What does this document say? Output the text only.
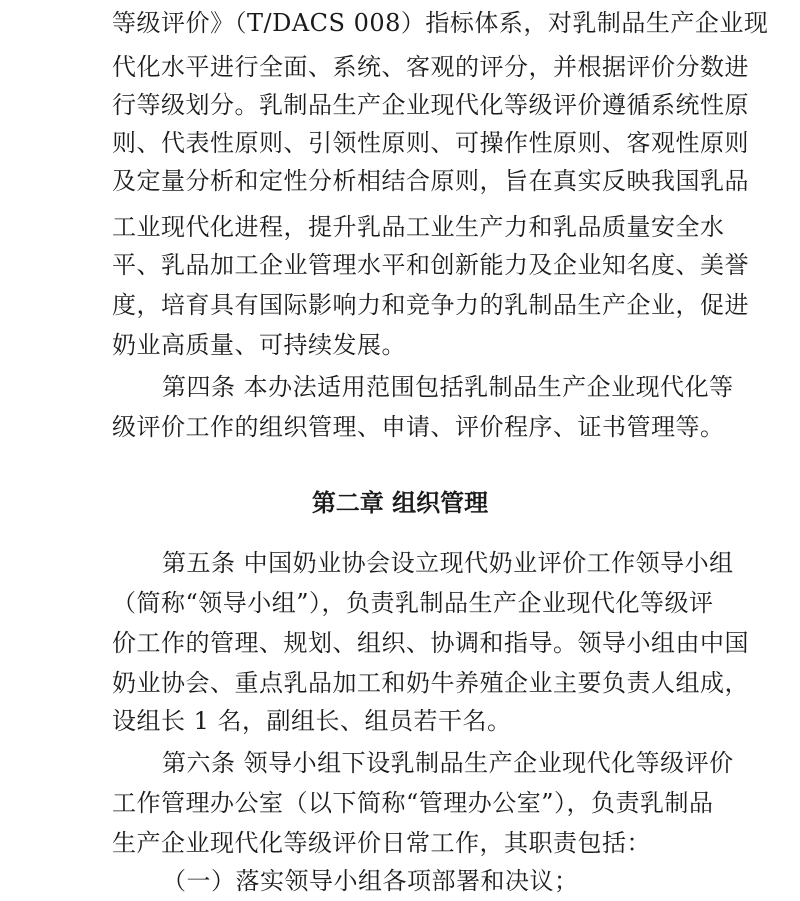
等级评价》（T/DACS 008）指标体系，对乳制品生产企业现
代化水平进行全面、系统、客观的评分，并根据评价分数进
行等级划分。乳制品生产企业现代化等级评价遵循系统性原
则、代表性原则、引领性原则、可操作性原则、客观性原则
及定量分析和定性分析相结合原则，旨在真实反映我国乳品
工业现代化进程，提升乳品工业生产力和乳品质量安全水
平、乳品加工企业管理水平和创新能力及企业知名度、美誉
度，培育具有国际影响力和竞争力的乳制品生产企业，促进
奶业高质量、可持续发展。
第四条 本办法适用范围包括乳制品生产企业现代化等
级评价工作的组织管理、申请、评价程序、证书管理等。
第二章 组织管理
第五条 中国奶业协会设立现代奶业评价工作领导小组
（简称“领导小组”），负责乳制品生产企业现代化等级评
价工作的管理、规划、组织、协调和指导。领导小组由中国
奶业协会、重点乳品加工和奶牛养殖企业主要负责人组成，
设组长 1 名，副组长、组员若干名。
第六条 领导小组下设乳制品生产企业现代化等级评价
工作管理办公室（以下简称“管理办公室”），负责乳制品
生产企业现代化等级评价日常工作，其职责包括：
（一）落实领导小组各项部署和决议；
